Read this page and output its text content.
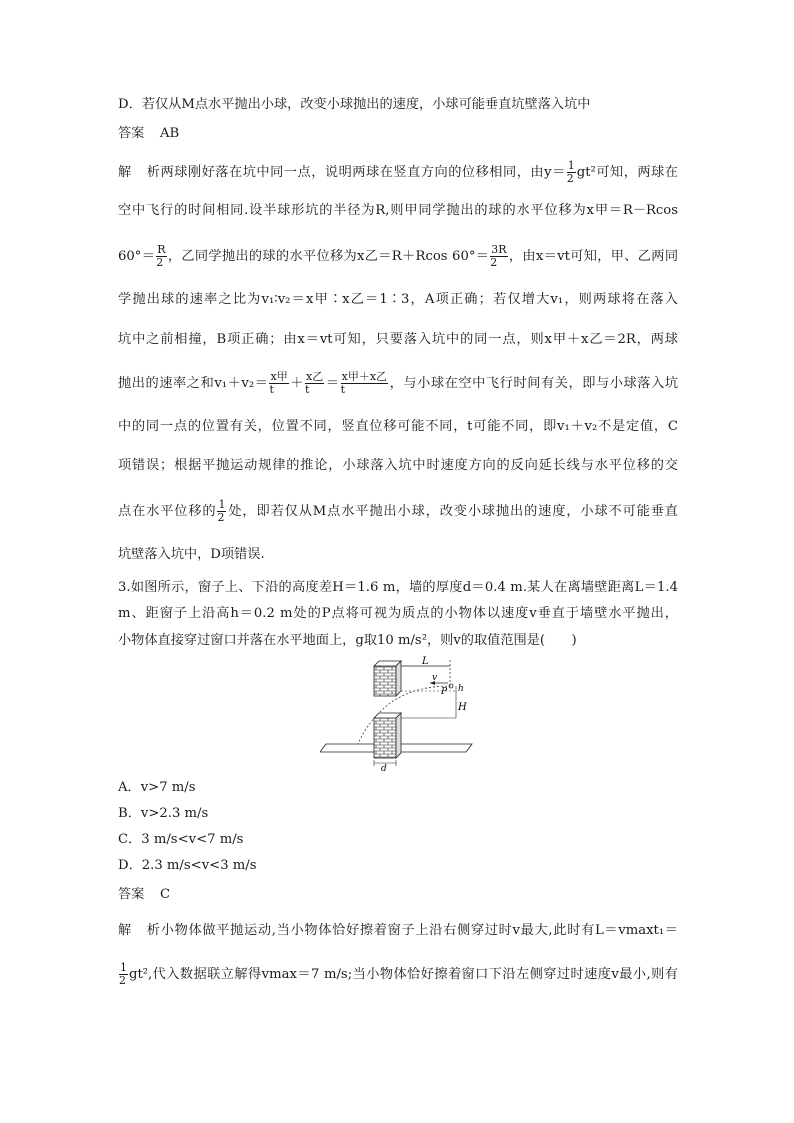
D．若仅从M点水平抛出小球，改变小球抛出的速度，小球可能垂直坑壁落入坑中
答案 AB
解析两球刚好落在坑中同一点，说明两球在竖直方向的位移相同，由$y= \frac{1}{2} gt^2$可知，两球在
空中飞行的时间相同.设半球形坑的半径为R,则甲同学抛出的球的水平位移为x甲＝R－Rcos
$60^\circ= \frac{R}{2}$ ，乙同学抛出的球的水平位移为x乙＝R＋Rcos $60^\circ= \frac{3R}{2}$ ，由x＝vt可知，甲、乙两同
学抛出球的速率之比为v₁∶v₂＝x甲∶x乙＝1∶3，A项正确；若仅增大v₁，则两球将在落入
坑中之前相撞，B项正确；由x＝vt可知，只要落入坑中的同一点，则x甲＋x乙＝2R，两球
抛出的速率之和$v_1+v_2= \frac{\text{x甲}}{t} + \frac{\text{x乙}}{t} = \frac{\text{x甲＋x乙}}{t}$ ，与小球在空中飞行时间有关，即与小球落入坑
中的同一点的位置有关，位置不同，竖直位移可能不同，t可能不同，即v₁＋v₂不是定值，C
项错误；根据平抛运动规律的推论，小球落入坑中时速度方向的反向延长线与水平位移的交
点在水平位移的 $\frac{1}{2}$ 处，即若仅从M点水平抛出小球，改变小球抛出的速度，小球不可能垂直
坑壁落入坑中，D项错误.
3.如图所示，窗子上、下沿的高度差H＝1.6 m，墙的厚度d＝0.4 m.某人在离墙壁距离L＝1.4
m、距窗子上沿高h＝0.2 m处的P点将可视为质点的小物体以速度v垂直于墙壁水平抛出，
小物体直接穿过窗口并落在水平地面上，g取10 m/s²，则v的取值范围是(　　)
L
v
P h
H
d
A．v>7 m/s
B．v>2.3 m/s
C．3 m/s<v<7 m/s
D．2.3 m/s<v<3 m/s
答案 C
解析小物体做平抛运动,当小物体恰好擦着窗子上沿右侧穿过时v最大,此时有L＝vmaxt₁＝
$\frac{1}{2} gt^2$,代入数据联立解得vmax＝7 m/s;当小物体恰好擦着窗口下沿左侧穿过时速度v最小,则有
